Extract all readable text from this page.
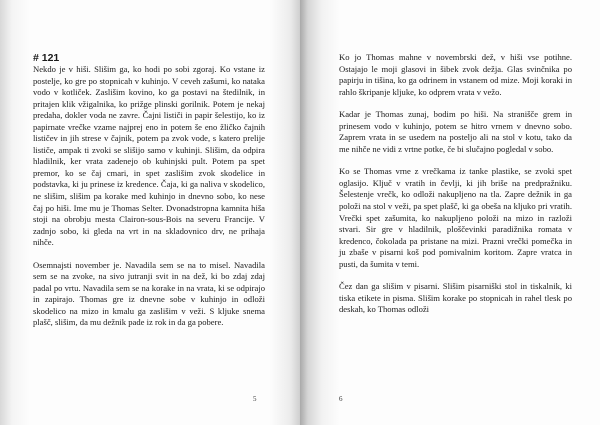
# 121

Nekdo je v hiši. Slišim ga, ko hodi po sobi zgoraj. Ko vstane iz postelje, ko gre po stopnicah v kuhinjo. V ceveh zašumi, ko nataka vodo v kotliček. Zaslišim kovino, ko ga postavi na štedilnik, in pritajen klik vžigalnika, ko prižge plinski gorilnik. Potem je nekaj predaha, dokler voda ne zavre. Čajni lističi in papir šelestijo, ko iz papirnate vrečke vzame najprej eno in potem še eno žličko čajnih lističev in jih strese v čajnik, potem pa zvok vode, s katero prelije lističe, ampak ti zvoki se slišijo samo v kuhinji. Slišim, da odpira hladilnik, ker vrata zadenejo ob kuhinjski pult. Potem pa spet premor, ko se čaj cmari, in spet zaslišim zvok skodelice in podstavka, ki ju prinese iz kredence. Čaja, ki ga naliva v skodelico, ne slišim, slišim pa korake med kuhinjo in dnevno sobo, ko nese čaj po hiši. Ime mu je Thomas Selter. Dvonadstropna kamnita hiša stoji na obrobju mesta Clairon-sous-Bois na severu Francije. V zadnjo sobo, ki gleda na vrt in na skladovnico drv, ne prihaja nihče.

Osemnajsti november je. Navadila sem se na to misel. Navadila sem se na zvoke, na sivo jutranji svit in na dež, ki bo zdaj zdaj padal po vrtu. Navadila sem se na korake in na vrata, ki se odpirajo in zapirajo. Thomas gre iz dnevne sobe v kuhinjo in odloži skodelico na mizo in kmalu ga zaslišim v veži. S kljuke snema plašč, slišim, da mu dežnik pade iz rok in da ga pobere.

5

Ko jo Thomas mahne v novembrski dež, v hiši vse potihne. Ostajajo le moji glasovi in šibek zvok dežja. Glas svinčnika po papirju in tišina, ko ga odrinem in vstanem od mize. Moji koraki in rahlo škripanje kljuke, ko odprem vrata v vežo.

Kadar je Thomas zunaj, bodim po hiši. Na stranišče grem in prinesem vodo v kuhinjo, potem se hitro vrnem v dnevno sobo. Zaprem vrata in se usedem na posteljo ali na stol v kotu, tako da me nihče ne vidi z vrtne potke, če bi slučajno pogledal v sobo.

Ko se Thomas vrne z vrečkama iz tanke plastike, se zvoki spet oglasijo. Ključ v vratih in čevlji, ki jih briše na predpražniku. Šelestenje vrečk, ko odloži nakupljeno na tla. Zapre dežnik in ga položi na stol v veži, pa spet plašč, ki ga obeša na kljuko pri vratih. Vrečki spet zašumita, ko nakupljeno položi na mizo in razloži stvari. Sir gre v hladilnik, ploščevinki paradižnika romata v kredenco, čokolada pa pristane na mizi. Prazni vrečki pomečka in ju zbaše v pisarni koš pod pomivalnim koritom. Zapre vratca in pusti, da šumita v temi.

Čez dan ga slišim v pisarni. Slišim pisarniški stol in tiskalnik, ki tiska etikete in pisma. Slišim korake po stopnicah in rahel tlesk po deskah, ko Thomas odloži

6
